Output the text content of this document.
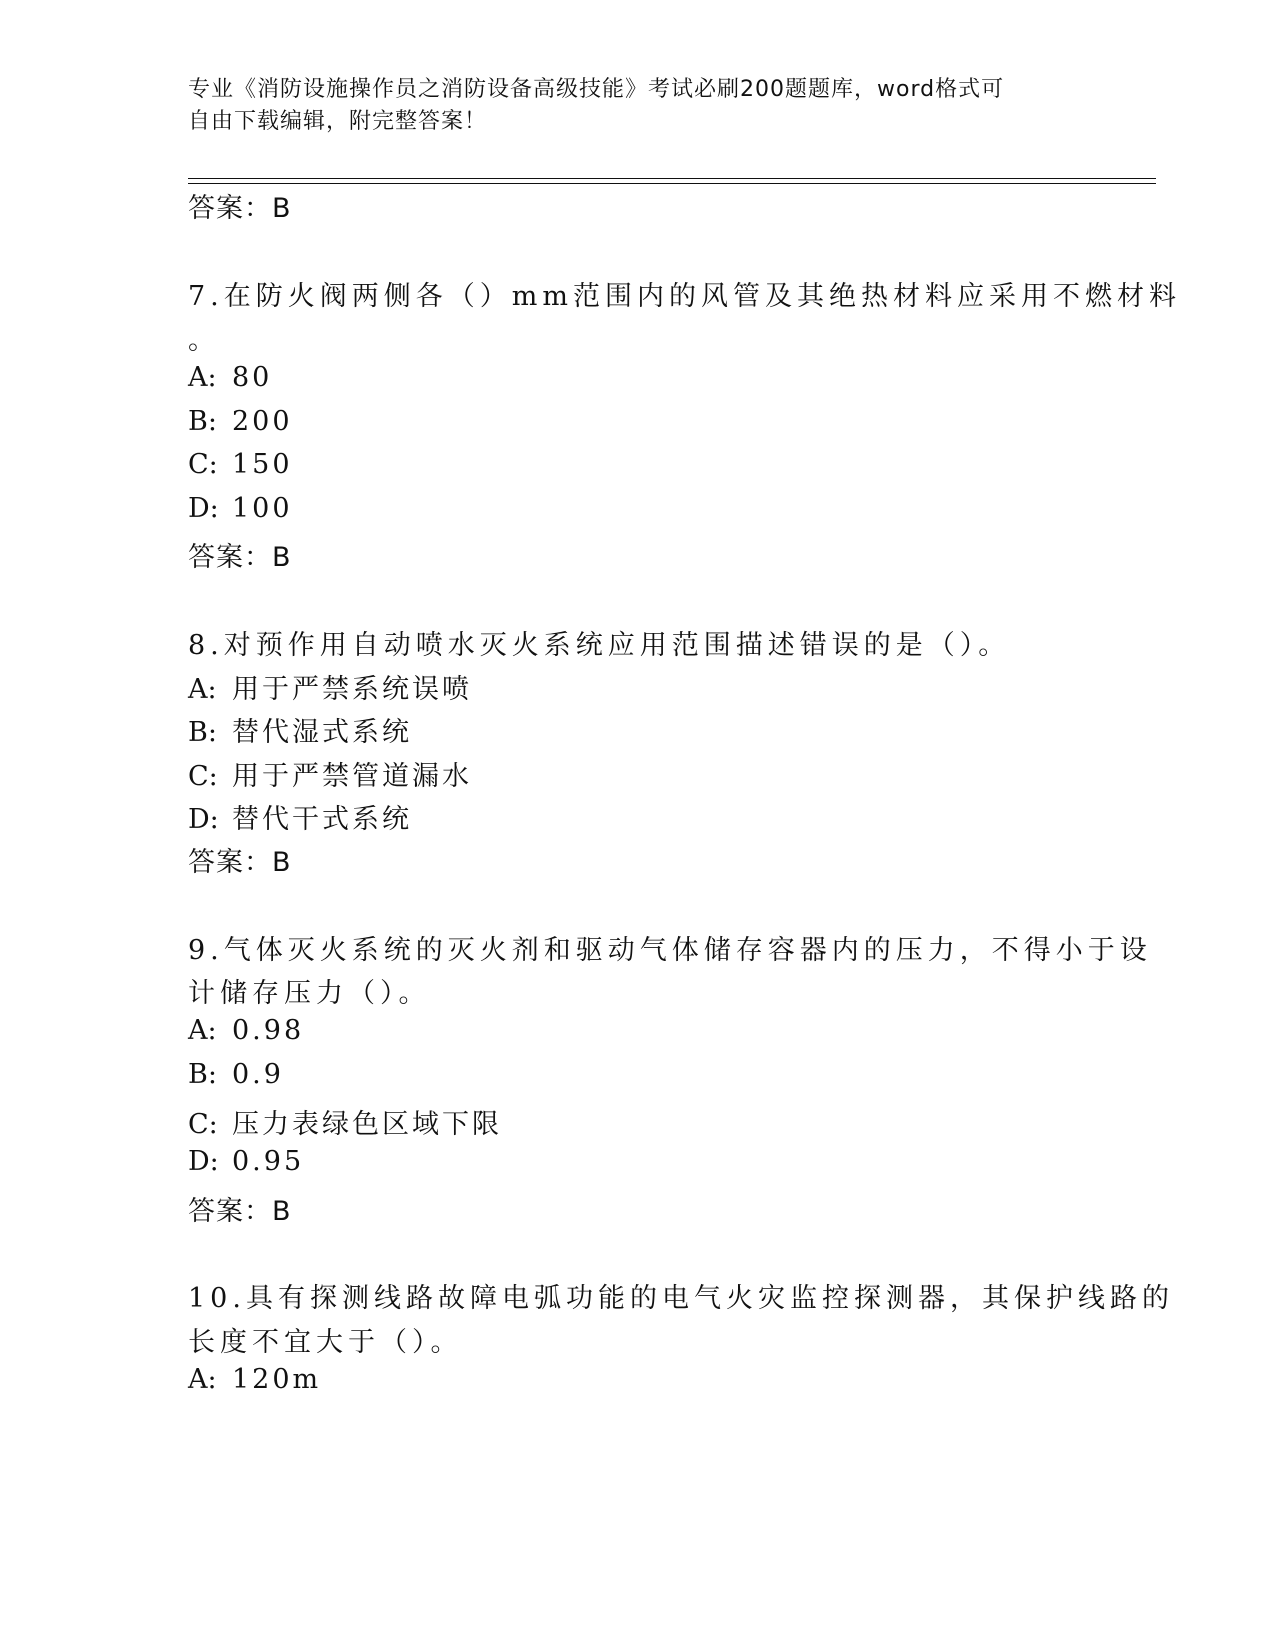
专业《消防设施操作员之消防设备高级技能》考试必刷200题题库，word格式可
自由下载编辑，附完整答案！
答案：B
7.在防火阀两侧各（）mm范围内的风管及其绝热材料应采用不燃材料
。
A: 80
B: 200
C: 150
D: 100
答案：B
8.对预作用自动喷水灭火系统应用范围描述错误的是（）。
A: 用于严禁系统误喷
B: 替代湿式系统
C: 用于严禁管道漏水
D: 替代干式系统
答案：B
9.气体灭火系统的灭火剂和驱动气体储存容器内的压力，不得小于设
计储存压力（）。
A: 0.98
B: 0.9
C: 压力表绿色区域下限
D: 0.95
答案：B
10.具有探测线路故障电弧功能的电气火灾监控探测器，其保护线路的
长度不宜大于（）。
A: 120m
